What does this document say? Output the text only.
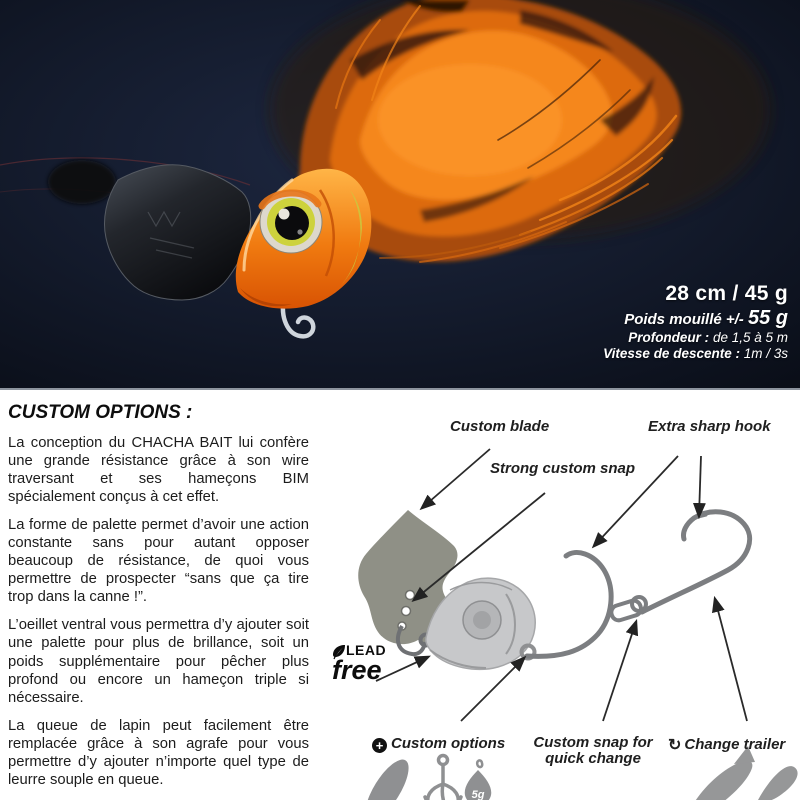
28 cm / 45 g
Poids mouillé +/- 55 g
Profondeur : de 1,5 à 5 m
Vitesse de descente : 1m / 3s
CUSTOM OPTIONS :

La conception du CHACHA BAIT lui confère une grande résistance grâce à son wire traversant et ses hameçons BIM spécialement conçus à cet effet.

La forme de palette permet d’avoir une action constante sans pour autant opposer beaucoup de résistance, de quoi vous permettre de prospecter “sans que ça tire trop dans la canne !”.

L’oeillet ventral vous permettra d’y ajouter soit une palette pour plus de brillance, soit un poids supplémentaire pour pêcher plus profond ou encore un hameçon triple si nécessaire.

La queue de lapin peut facilement être remplacée grâce à son agrafe pour vous permettre d’y ajouter n’importe quel type de leurre souple en queue.

5g
Custom blade	Extra sharp hook
Strong custom snap
LEAD
free
+ Custom options	Custom snap for quick change
↻ Change trailer
